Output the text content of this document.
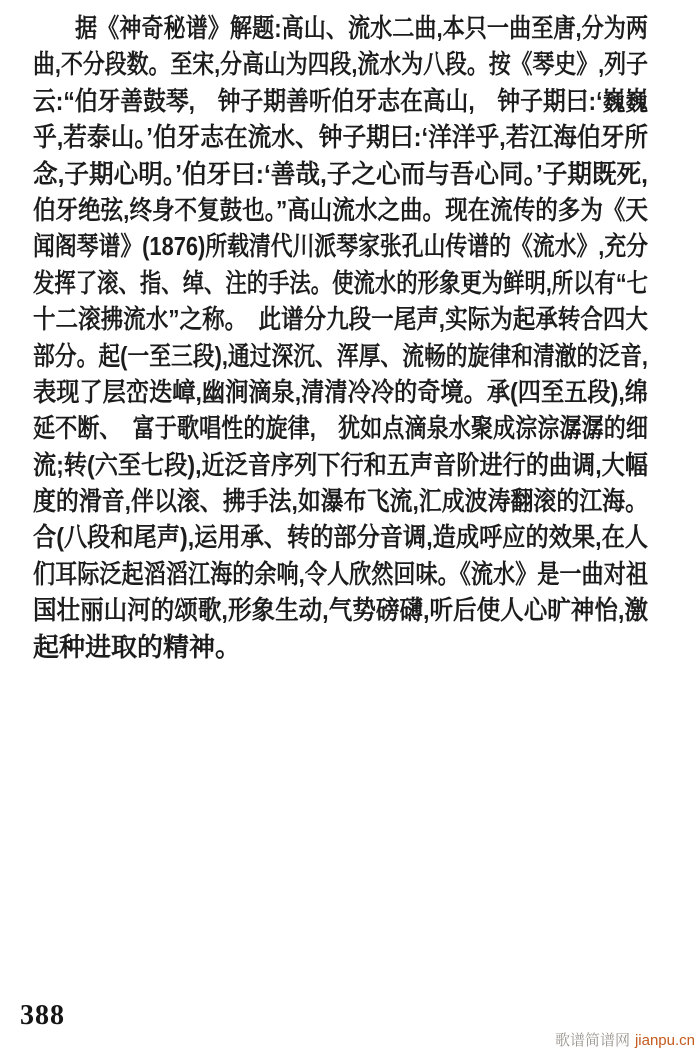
据《神奇秘谱》解题:高山、流水二曲,本只一曲至唐,分为两
曲,不分段数。至宋,分高山为四段,流水为八段。按《琴史》,列子
云:“伯牙善鼓琴,　钟子期善听伯牙志在高山,　钟子期曰:‘巍巍
乎,若泰山。’伯牙志在流水、钟子期曰:‘洋洋乎,若江海伯牙所
念,子期心明。’伯牙曰:‘善哉,子之心而与吾心同。’子期既死,
伯牙绝弦,终身不复鼓也。”高山流水之曲。现在流传的多为《天
闻阁琴谱》(1876)所载清代川派琴家张孔山传谱的《流水》,充分
发挥了滚、指、绰、注的手法。使流水的形象更为鲜明,所以有“七
十二滚拂流水”之称。　此谱分九段一尾声,实际为起承转合四大
部分。起(一至三段),通过深沉、浑厚、流畅的旋律和清澈的泛音,
表现了层峦迭嶂,幽涧滴泉,清清冷冷的奇境。承(四至五段),绵
延不断、　富于歌唱性的旋律,　犹如点滴泉水聚成淙淙潺潺的细
流;转(六至七段),近泛音序列下行和五声音阶进行的曲调,大幅
度的滑音,伴以滚、拂手法,如瀑布飞流,汇成波涛翻滚的江海。
合(八段和尾声),运用承、转的部分音调,造成呼应的效果,在人
们耳际泛起滔滔江海的余响,令人欣然回味。《流水》是一曲对祖
国壮丽山河的颂歌,形象生动,气势磅礴,听后使人心旷神怡,激
起种进取的精神。
388
歌谱简谱网 jianpu.cn
